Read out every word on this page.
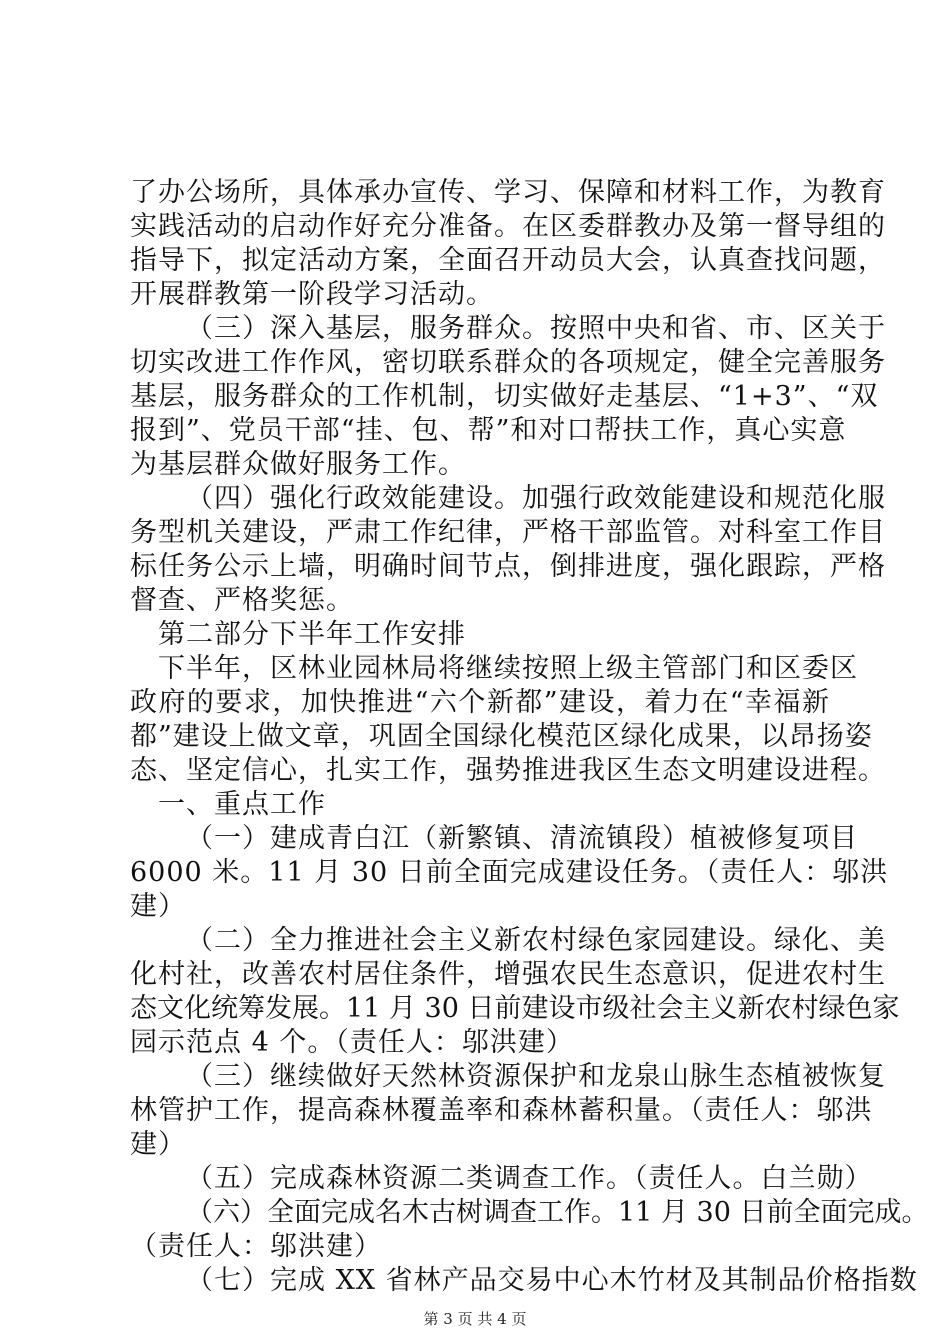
了办公场所，具体承办宣传、学习、保障和材料工作，为教育
实践活动的启动作好充分准备。在区委群教办及第一督导组的
指导下，拟定活动方案，全面召开动员大会，认真查找问题，
开展群教第一阶段学习活动。
（三）深入基层，服务群众。按照中央和省、市、区关于
切实改进工作作风，密切联系群众的各项规定，健全完善服务
基层，服务群众的工作机制，切实做好走基层、“1+3”、“双
报到”、党员干部“挂、包、帮”和对口帮扶工作，真心实意
为基层群众做好服务工作。
（四）强化行政效能建设。加强行政效能建设和规范化服
务型机关建设，严肃工作纪律，严格干部监管。对科室工作目
标任务公示上墙，明确时间节点，倒排进度，强化跟踪，严格
督查、严格奖惩。
第二部分下半年工作安排
下半年，区林业园林局将继续按照上级主管部门和区委区
政府的要求，加快推进“六个新都”建设，着力在“幸福新
都”建设上做文章，巩固全国绿化模范区绿化成果，以昂扬姿
态、坚定信心，扎实工作，强势推进我区生态文明建设进程。
一、重点工作
（一）建成青白江（新繁镇、清流镇段）植被修复项目
6000 米。11 月 30 日前全面完成建设任务。（责任人：邬洪
建）
（二）全力推进社会主义新农村绿色家园建设。绿化、美
化村社，改善农村居住条件，增强农民生态意识，促进农村生
态文化统筹发展。11 月 30 日前建设市级社会主义新农村绿色家
园示范点 4 个。（责任人：邬洪建）
（三）继续做好天然林资源保护和龙泉山脉生态植被恢复
林管护工作，提高森林覆盖率和森林蓄积量。（责任人：邬洪
建）
（五）完成森林资源二类调查工作。（责任人。白兰勋）
（六）全面完成名木古树调查工作。11 月 30 日前全面完成。
（责任人：邬洪建）
（七）完成 XX 省林产品交易中心木竹材及其制品价格指数
第 3 页 共 4 页
